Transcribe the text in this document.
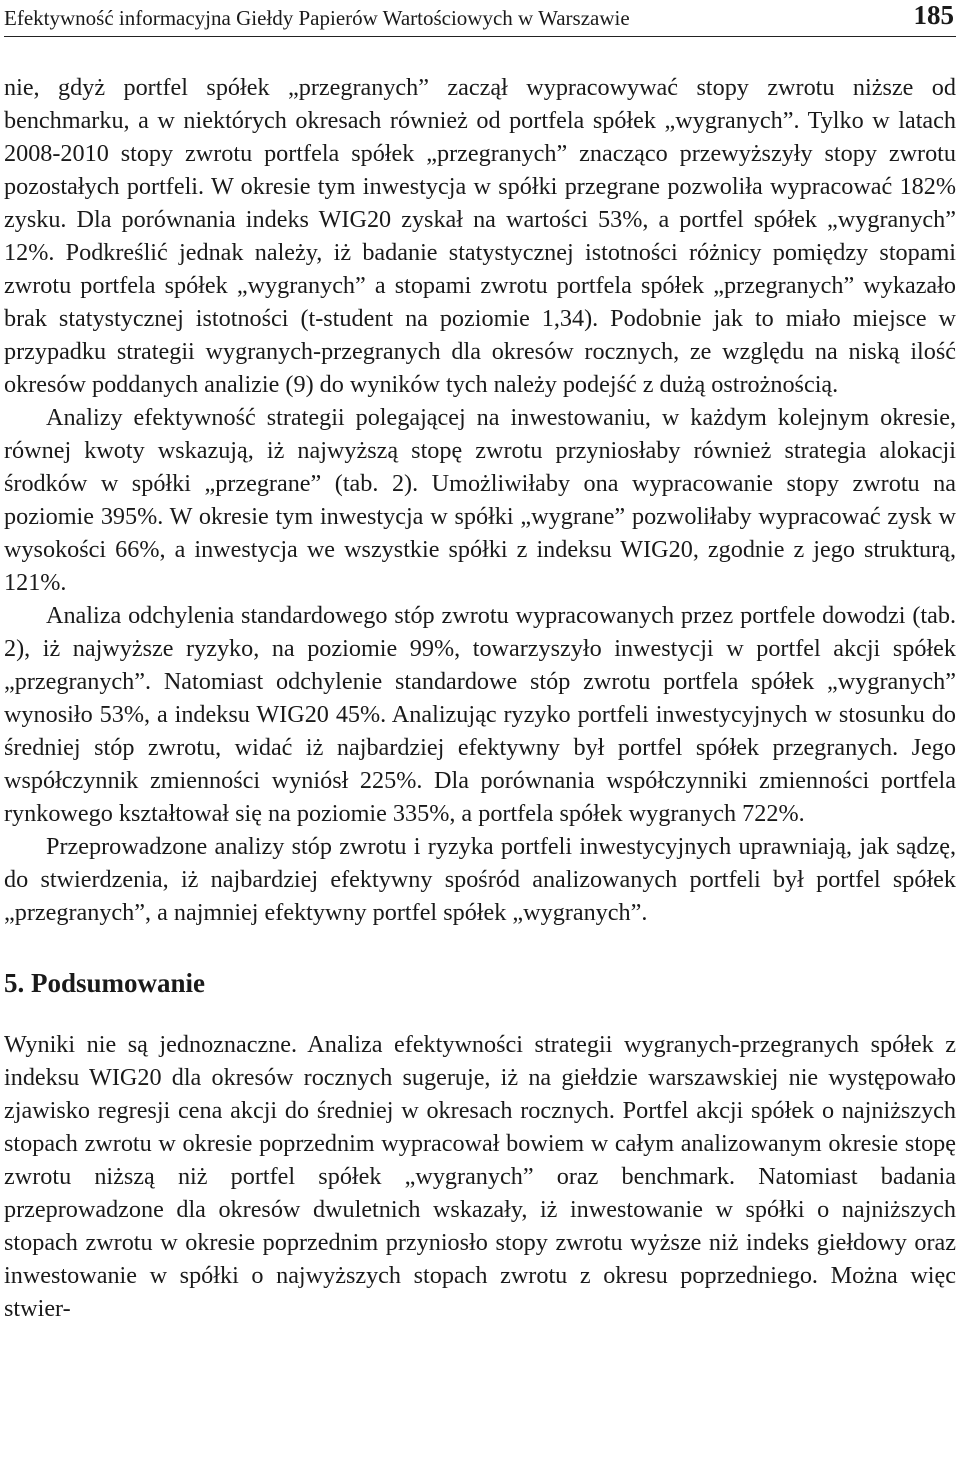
Efektywność informacyjna Giełdy Papierów Wartościowych w Warszawie	185

nie, gdyż portfel spółek „przegranych” zaczął wypracowywać stopy zwrotu niższe od benchmarku, a w niektórych okresach również od portfela spółek „wygranych”. Tylko w latach 2008-2010 stopy zwrotu portfela spółek „przegranych” znacząco przewyższyły stopy zwrotu pozostałych portfeli. W okresie tym inwestycja w spółki przegrane pozwoliła wypracować 182% zysku. Dla porównania indeks WIG20 zyskał na wartości 53%, a portfel spółek „wygranych” 12%. Podkreślić jednak należy, iż badanie statystycznej istotności różnicy pomiędzy stopami zwrotu portfela spółek „wygranych” a stopami zwrotu portfela spółek „przegranych” wykazało brak statystycznej istotności (t-student na poziomie 1,34). Podobnie jak to miało miejsce w przypadku strategii wygranych-przegranych dla okresów rocznych, ze względu na niską ilość okresów poddanych analizie (9) do wyników tych należy podejść z dużą ostrożnością.

Analizy efektywność strategii polegającej na inwestowaniu, w każdym kolejnym okresie, równej kwoty wskazują, iż najwyższą stopę zwrotu przyniosłaby również strategia alokacji środków w spółki „przegrane” (tab. 2). Umożliwiłaby ona wypracowanie stopy zwrotu na poziomie 395%. W okresie tym inwestycja w spółki „wygrane” pozwoliłaby wypracować zysk w wysokości 66%, a inwestycja we wszystkie spółki z indeksu WIG20, zgodnie z jego strukturą, 121%.

Analiza odchylenia standardowego stóp zwrotu wypracowanych przez portfele dowodzi (tab. 2), iż najwyższe ryzyko, na poziomie 99%, towarzyszyło inwestycji w portfel akcji spółek „przegranych”. Natomiast odchylenie standardowe stóp zwrotu portfela spółek „wygranych” wynosiło 53%, a indeksu WIG20 45%. Analizując ryzyko portfeli inwestycyjnych w stosunku do średniej stóp zwrotu, widać iż najbardziej efektywny był portfel spółek przegranych. Jego współczynnik zmienności wyniósł 225%. Dla porównania współczynniki zmienności portfela rynkowego kształtował się na poziomie 335%, a portfela spółek wygranych 722%.

Przeprowadzone analizy stóp zwrotu i ryzyka portfeli inwestycyjnych uprawniają, jak sądzę, do stwierdzenia, iż najbardziej efektywny spośród analizowanych portfeli był portfel spółek „przegranych”, a najmniej efektywny portfel spółek „wygranych”.

5. Podsumowanie

Wyniki nie są jednoznaczne. Analiza efektywności strategii wygranych-przegranych spółek z indeksu WIG20 dla okresów rocznych sugeruje, iż na giełdzie warszawskiej nie występowało zjawisko regresji cena akcji do średniej w okresach rocznych. Portfel akcji spółek o najniższych stopach zwrotu w okresie poprzednim wypracował bowiem w całym analizowanym okresie stopę zwrotu niższą niż portfel spółek „wygranych” oraz benchmark. Natomiast badania przeprowadzone dla okresów dwuletnich wskazały, iż inwestowanie w spółki o najniższych stopach zwrotu w okresie poprzednim przyniosło stopy zwrotu wyższe niż indeks giełdowy oraz inwestowanie w spółki o najwyższych stopach zwrotu z okresu poprzedniego. Można więc stwier-
